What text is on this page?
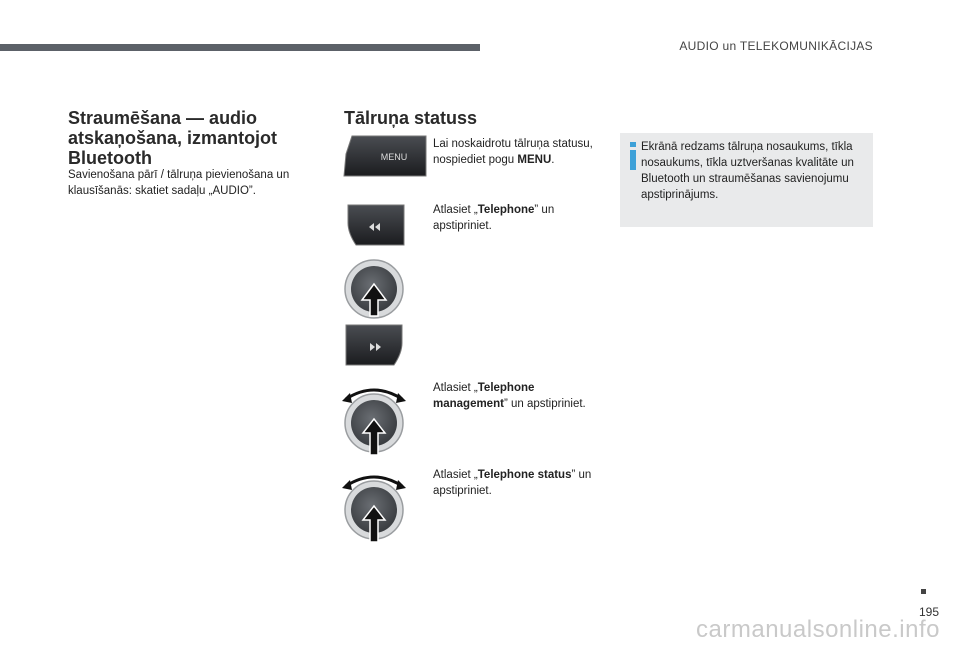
AUDIO un TELEKOMUNIKĀCIJAS
Straumēšana — audio atskaņošana, izmantojot Bluetooth

Savienošana pārī / tālruņa pievienošana un klausīšanās: skatiet sadaļu „AUDIO”.

Tālruņa statuss
MENU

Lai noskaidrotu tālruņa statusu, nospiediet pogu MENU.

Atlasiet „Telephone” un apstipriniet.

Atlasiet „Telephone management” un apstipriniet.

Atlasiet „Telephone status” un apstipriniet.

Ekrānā redzams tālruņa nosaukums, tīkla nosaukums, tīkla uztveršanas kvalitāte un Bluetooth un straumēšanas savienojumu apstiprinājums.

195
carmanualsonline.info
